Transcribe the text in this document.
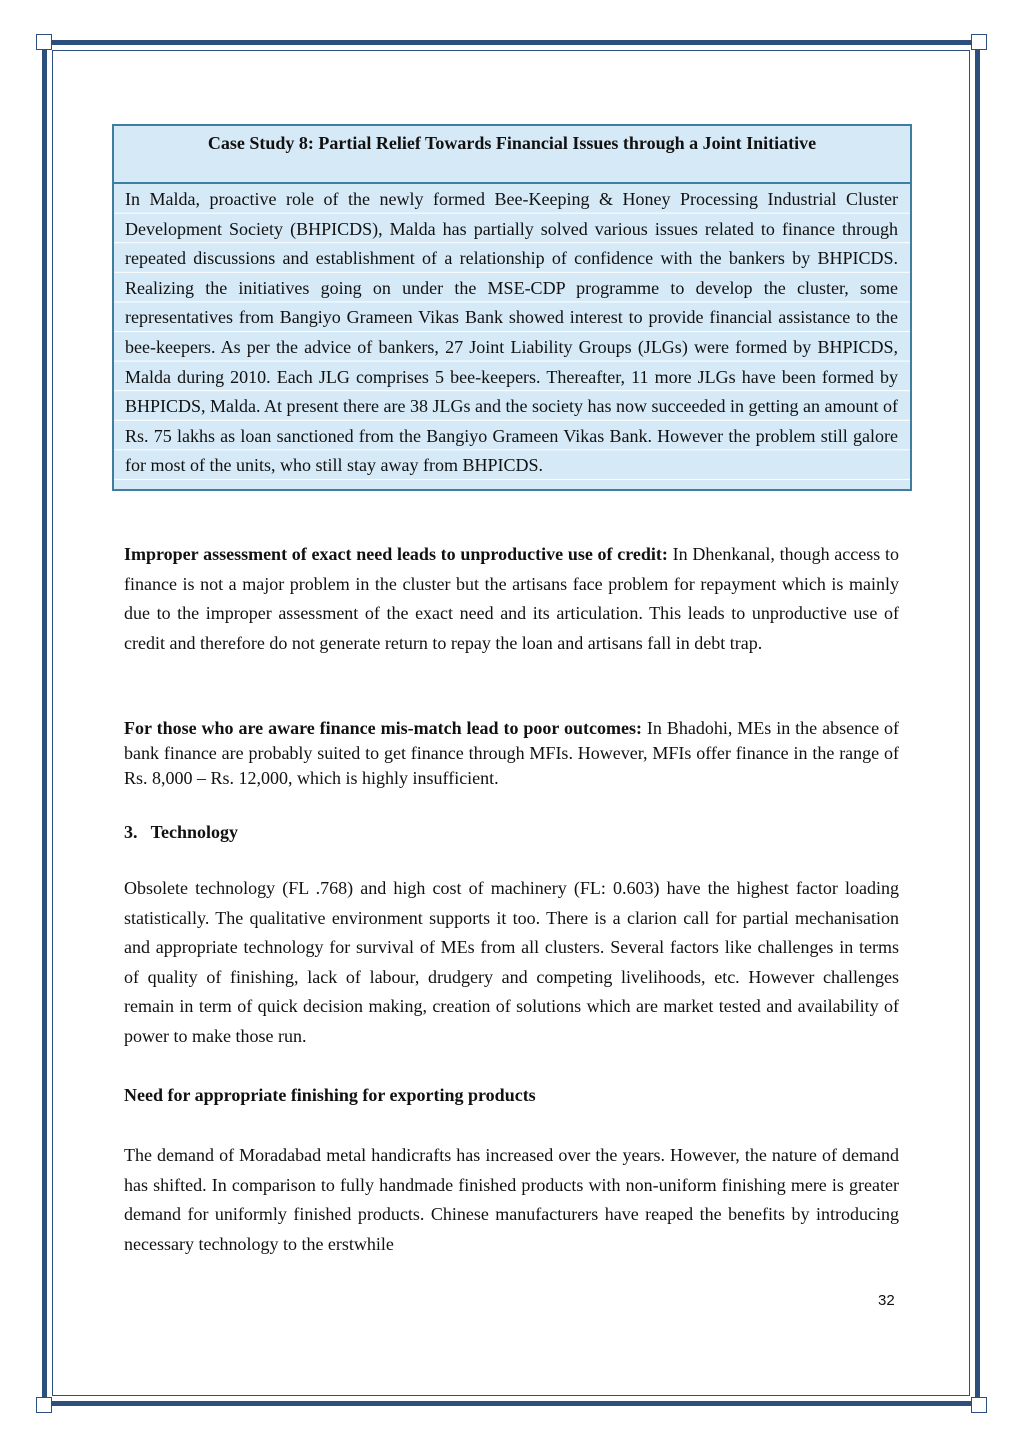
Case Study 8: Partial Relief Towards Financial Issues through a Joint Initiative
In Malda, proactive role of the newly formed Bee-Keeping & Honey Processing Industrial Cluster Development Society (BHPICDS), Malda has partially solved various issues related to finance through repeated discussions and establishment of a relationship of confidence with the bankers by BHPICDS. Realizing the initiatives going on under the MSE-CDP programme to develop the cluster, some representatives from Bangiyo Grameen Vikas Bank showed interest to provide financial assistance to the bee-keepers. As per the advice of bankers, 27 Joint Liability Groups (JLGs) were formed by BHPICDS, Malda during 2010. Each JLG comprises 5 bee-keepers. Thereafter, 11 more JLGs have been formed by BHPICDS, Malda. At present there are 38 JLGs and the society has now succeeded in getting an amount of Rs. 75 lakhs as loan sanctioned from the Bangiyo Grameen Vikas Bank. However the problem still galore for most of the units, who still stay away from BHPICDS.

Improper assessment of exact need leads to unproductive use of credit: In Dhenkanal, though access to finance is not a major problem in the cluster but the artisans face problem for repayment which is mainly due to the improper assessment of the exact need and its articulation. This leads to unproductive use of credit and therefore do not generate return to repay the loan and artisans fall in debt trap.

For those who are aware finance mis-match lead to poor outcomes: In Bhadohi, MEs in the absence of bank finance are probably suited to get finance through MFIs. However, MFIs offer finance in the range of Rs. 8,000 – Rs. 12,000, which is highly insufficient.

3.   Technology

Obsolete technology (FL .768) and high cost of machinery (FL: 0.603) have the highest factor loading statistically. The qualitative environment supports it too. There is a clarion call for partial mechanisation and appropriate technology for survival of MEs from all clusters. Several factors like challenges in terms of quality of finishing, lack of labour, drudgery and competing livelihoods, etc. However challenges remain in term of quick decision making, creation of solutions which are market tested and availability of power to make those run.

Need for appropriate finishing for exporting products

The demand of Moradabad metal handicrafts has increased over the years. However, the nature of demand has shifted. In comparison to fully handmade finished products with non-uniform finishing mere is greater demand for uniformly finished products. Chinese manufacturers have reaped the benefits by introducing necessary technology to the erstwhile

32
